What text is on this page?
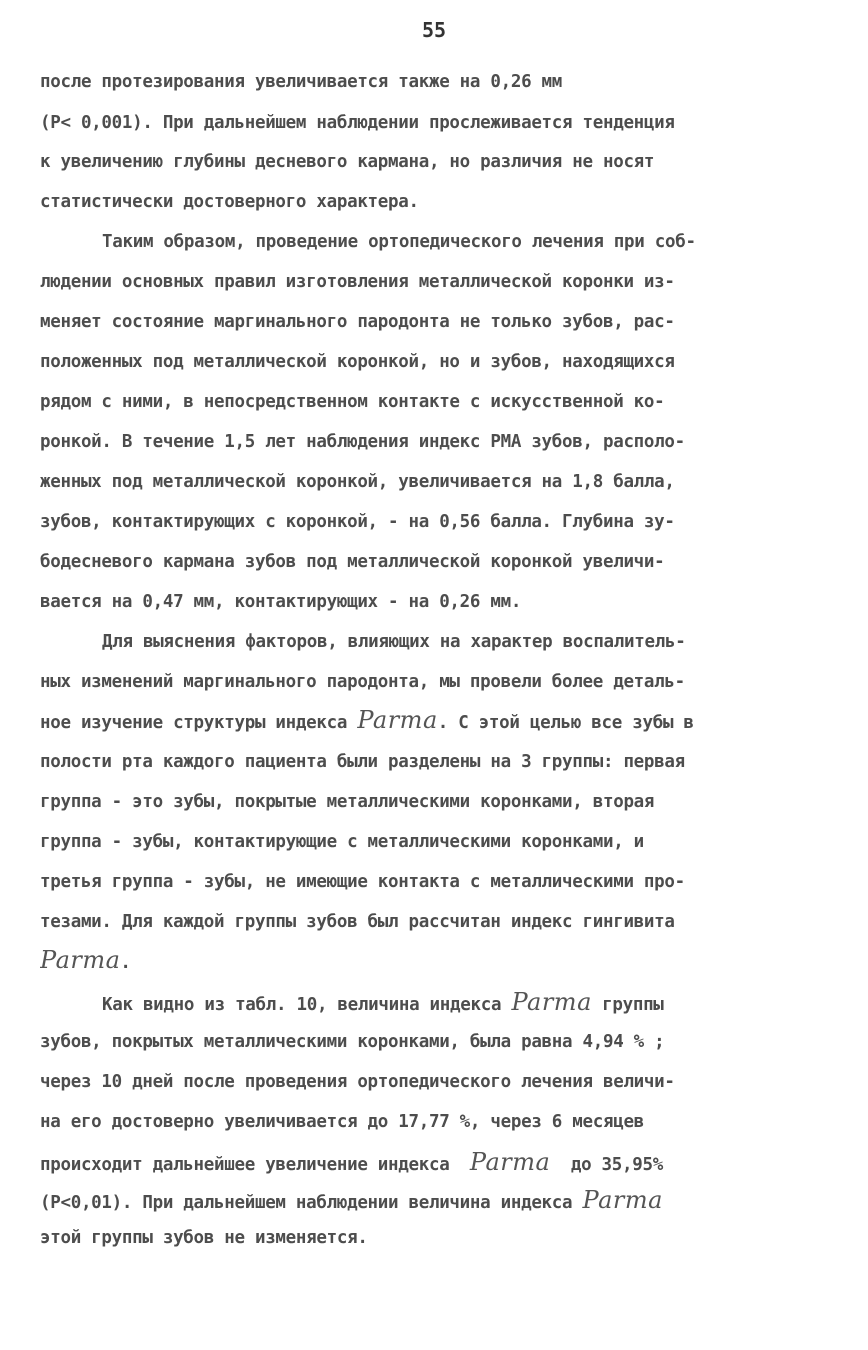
55
после протезирования увеличивается также на 0,26 мм
(Р< 0,001). При дальнейшем наблюдении прослеживается тенденция
к увеличению глубины десневого кармана, но различия не носят
статистически достоверного характера.
Таким образом, проведение ортопедического лечения при соб-
людении основных правил изготовления металлической коронки из-
меняет состояние маргинального пародонта не только зубов, рас-
положенных под металлической коронкой, но и зубов, находящихся
рядом с ними, в непосредственном контакте с искусственной ко-
ронкой. В течение 1,5 лет наблюдения индекс РМА зубов, располо-
женных под металлической коронкой, увеличивается на 1,8 балла,
зубов, контактирующих с коронкой, - на 0,56 балла. Глубина зу-
бодесневого кармана зубов под металлической коронкой увеличи-
вается на 0,47 мм, контактирующих - на 0,26 мм.
Для выяснения факторов, влияющих на характер воспалитель-
ных изменений маргинального пародонта, мы провели более деталь-
ное изучение структуры индекса Parma. С этой целью все зубы в
полости рта каждого пациента были разделены на 3 группы: первая
группа - это зубы, покрытые металлическими коронками, вторая
группа - зубы, контактирующие с металлическими коронками, и
третья группа - зубы, не имеющие контакта с металлическими про-
тезами. Для каждой группы зубов был рассчитан индекс гингивита
Parma.
Как видно из табл. 10, величина индекса Parma группы
зубов, покрытых металлическими коронками, была равна 4,94 % ;
через 10 дней после проведения ортопедического лечения величи-
на его достоверно увеличивается до 17,77 %, через 6 месяцев
происходит дальнейшее увеличение индекса Parma до 35,95%
(Р<0,01). При дальнейшем наблюдении величина индекса Parma
этой группы зубов не изменяется.
